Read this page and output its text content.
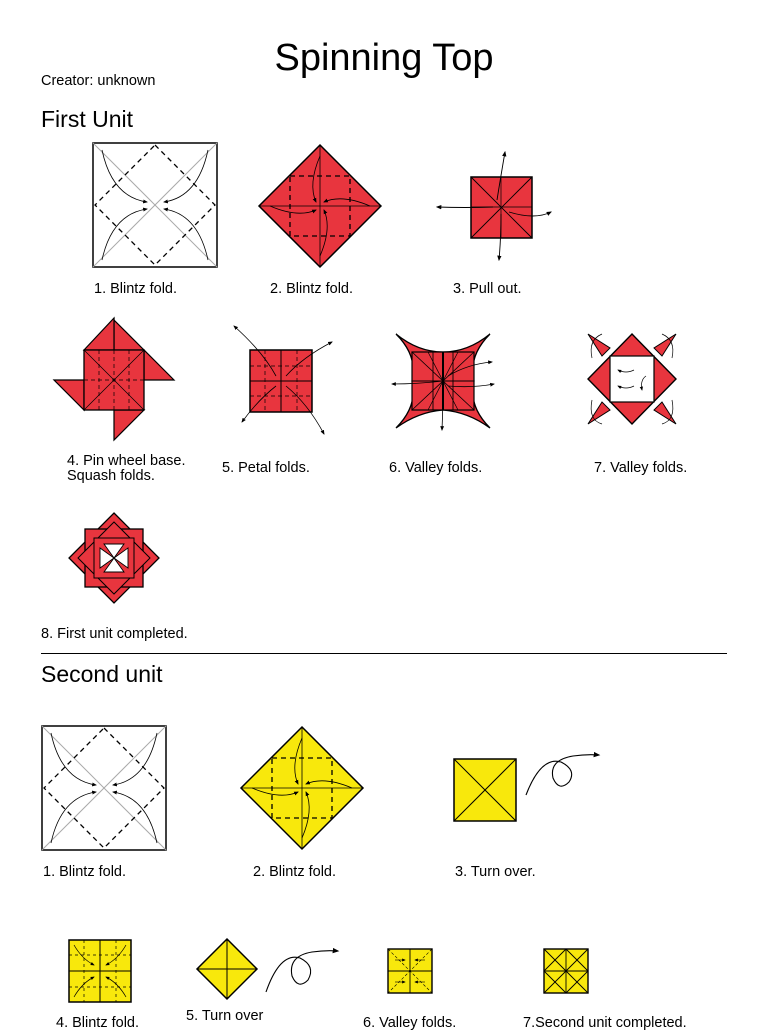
Spinning Top
Creator: unknown
First Unit
1. Blintz fold.	2. Blintz fold.	3. Pull out.
4. Pin wheel base.
Squash folds.	5. Petal folds.	6. Valley folds.	7. Valley folds.
8. First unit completed.
Second unit
1. Blintz fold.	2. Blintz fold.	3. Turn over.
4. Blintz fold.	5. Turn over	6. Valley folds.	7.Second unit completed.
